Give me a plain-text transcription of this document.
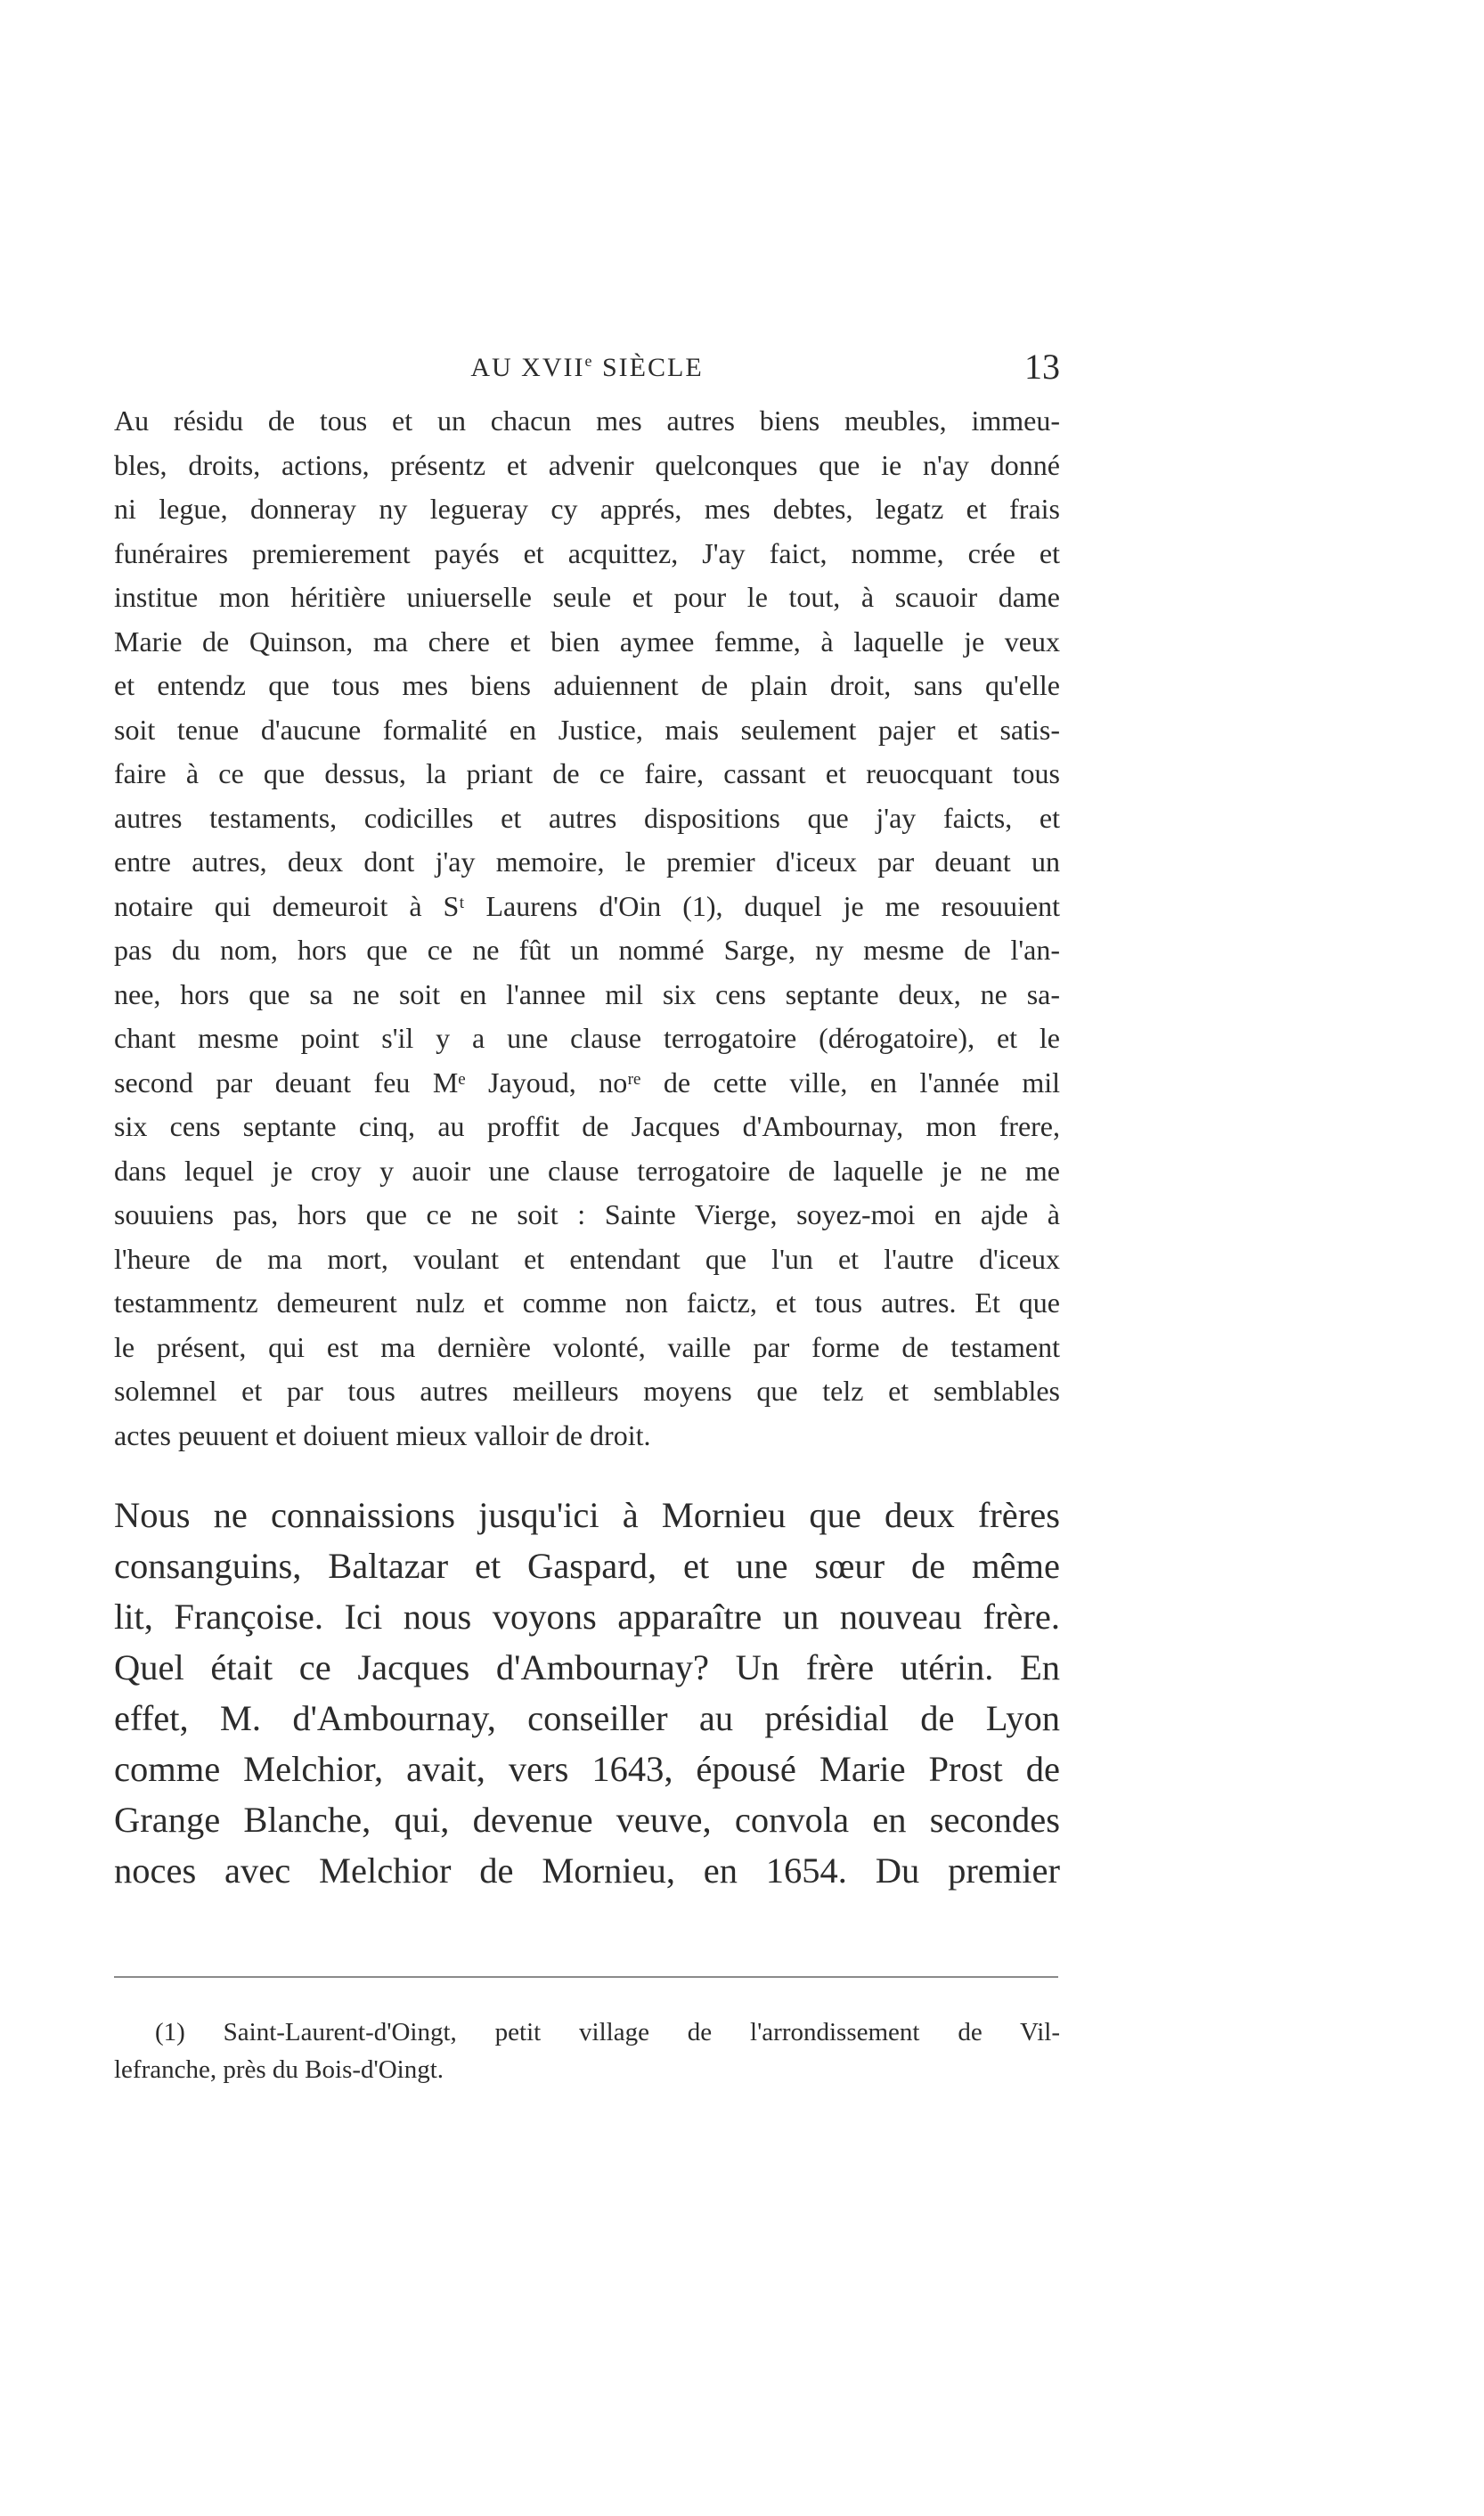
AU XVIIe SIÈCLE	13
Au résidu de tous et un chacun mes autres biens meubles, immeu-
bles, droits, actions, présentz et advenir quelconques que ie n'ay donné
ni legue, donneray ny legueray cy apprés, mes debtes, legatz et frais
funéraires premierement payés et acquittez, J'ay faict, nomme, crée et
institue mon héritière uniuerselle seule et pour le tout, à scauoir dame
Marie de Quinson, ma chere et bien aymee femme, à laquelle je veux
et entendz que tous mes biens aduiennent de plain droit, sans qu'elle
soit tenue d'aucune formalité en Justice, mais seulement pajer et satis-
faire à ce que dessus, la priant de ce faire, cassant et reuocquant tous
autres testaments, codicilles et autres dispositions que j'ay faicts, et
entre autres, deux dont j'ay memoire, le premier d'iceux par deuant un
notaire qui demeuroit à Sᵗ Laurens d'Oin (1), duquel je me resouuient
pas du nom, hors que ce ne fût un nommé Sarge, ny mesme de l'an-
nee, hors que sa ne soit en l'annee mil six cens septante deux, ne sa-
chant mesme point s'il y a une clause terrogatoire (dérogatoire), et le
second par deuant feu Mᵉ Jayoud, noʳᵉ de cette ville, en l'année mil
six cens septante cinq, au proffit de Jacques d'Ambournay, mon frere,
dans lequel je croy y auoir une clause terrogatoire de laquelle je ne me
souuiens pas, hors que ce ne soit : Sainte Vierge, soyez-moi en ajde à
l'heure de ma mort, voulant et entendant que l'un et l'autre d'iceux
testammentz demeurent nulz et comme non faictz, et tous autres. Et que
le présent, qui est ma dernière volonté, vaille par forme de testament
solemnel et par tous autres meilleurs moyens que telz et semblables
actes peuuent et doiuent mieux valloir de droit.
Nous ne connaissions jusqu'ici à Mornieu que deux frères
consanguins, Baltazar et Gaspard, et une sœur de même
lit, Françoise. Ici nous voyons apparaître un nouveau frère.
Quel était ce Jacques d'Ambournay? Un frère utérin. En
effet, M. d'Ambournay, conseiller au présidial de Lyon
comme Melchior, avait, vers 1643, épousé Marie Prost de
Grange Blanche, qui, devenue veuve, convola en secondes
noces avec Melchior de Mornieu, en 1654. Du premier
(1) Saint-Laurent-d'Oingt, petit village de l'arrondissement de Vil-
lefranche, près du Bois-d'Oingt.
